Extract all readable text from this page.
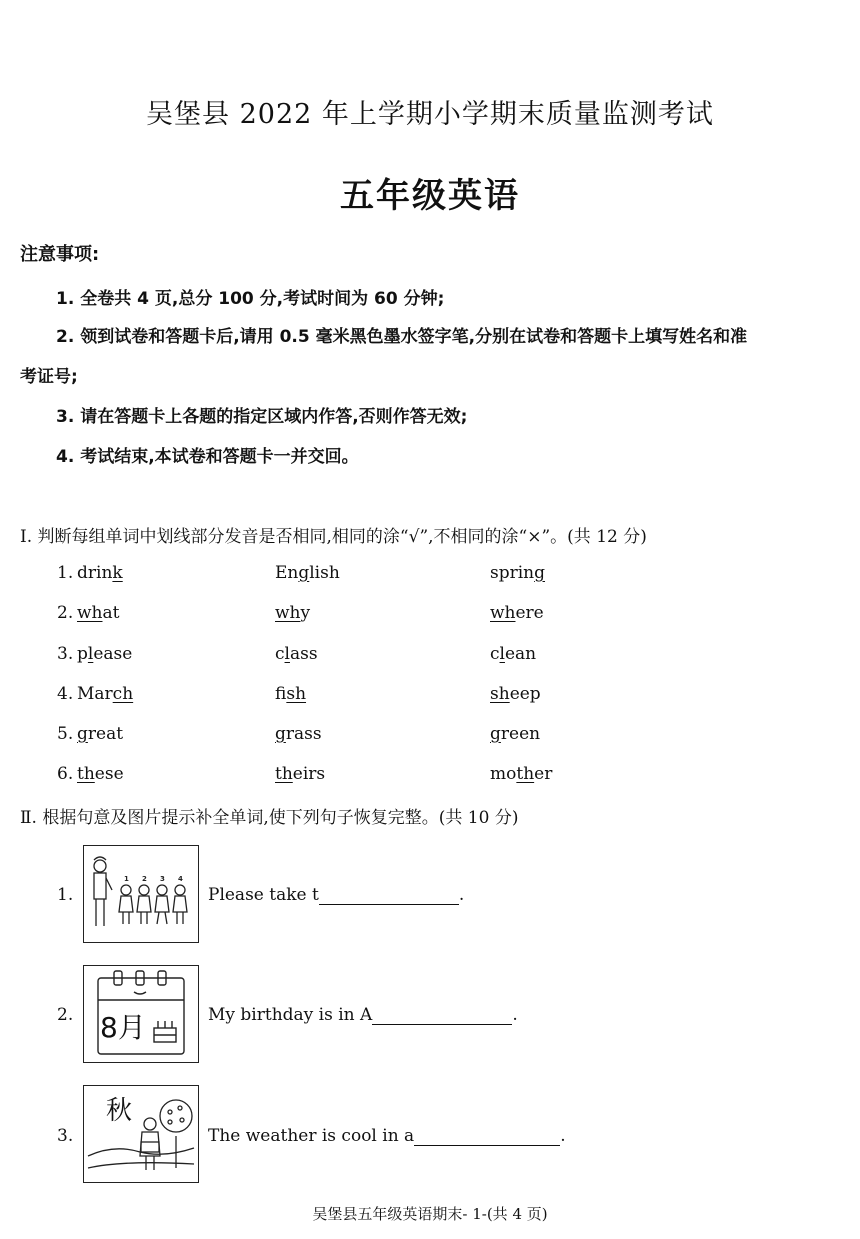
吴堡县 2022 年上学期小学期末质量监测考试
五年级英语
注意事项:
1. 全卷共 4 页,总分 100 分,考试时间为 60 分钟;
2. 领到试卷和答题卡后,请用 0.5 毫米黑色墨水签字笔,分别在试卷和答题卡上填写姓名和准
考证号;
3. 请在答题卡上各题的指定区域内作答,否则作答无效;
4. 考试结束,本试卷和答题卡一并交回。
Ⅰ. 判断每组单词中划线部分发音是否相同,相同的涂“√”,不相同的涂“×”。(共 12 分)
1. drink	English	spring
2. what	why	where
3. please	class	clean
4. March	fish	sheep
5. great	grass	green
6. these	theirs	mother
Ⅱ. 根据句意及图片提示补全单词,使下列句子恢复完整。(共 10 分)
1.
1 2 3 4
Please take t	.
2. 8月	My birthday is in A	.
3.
秋
The weather is cool in a	.
吴堡县五年级英语期末- 1-(共 4 页)
